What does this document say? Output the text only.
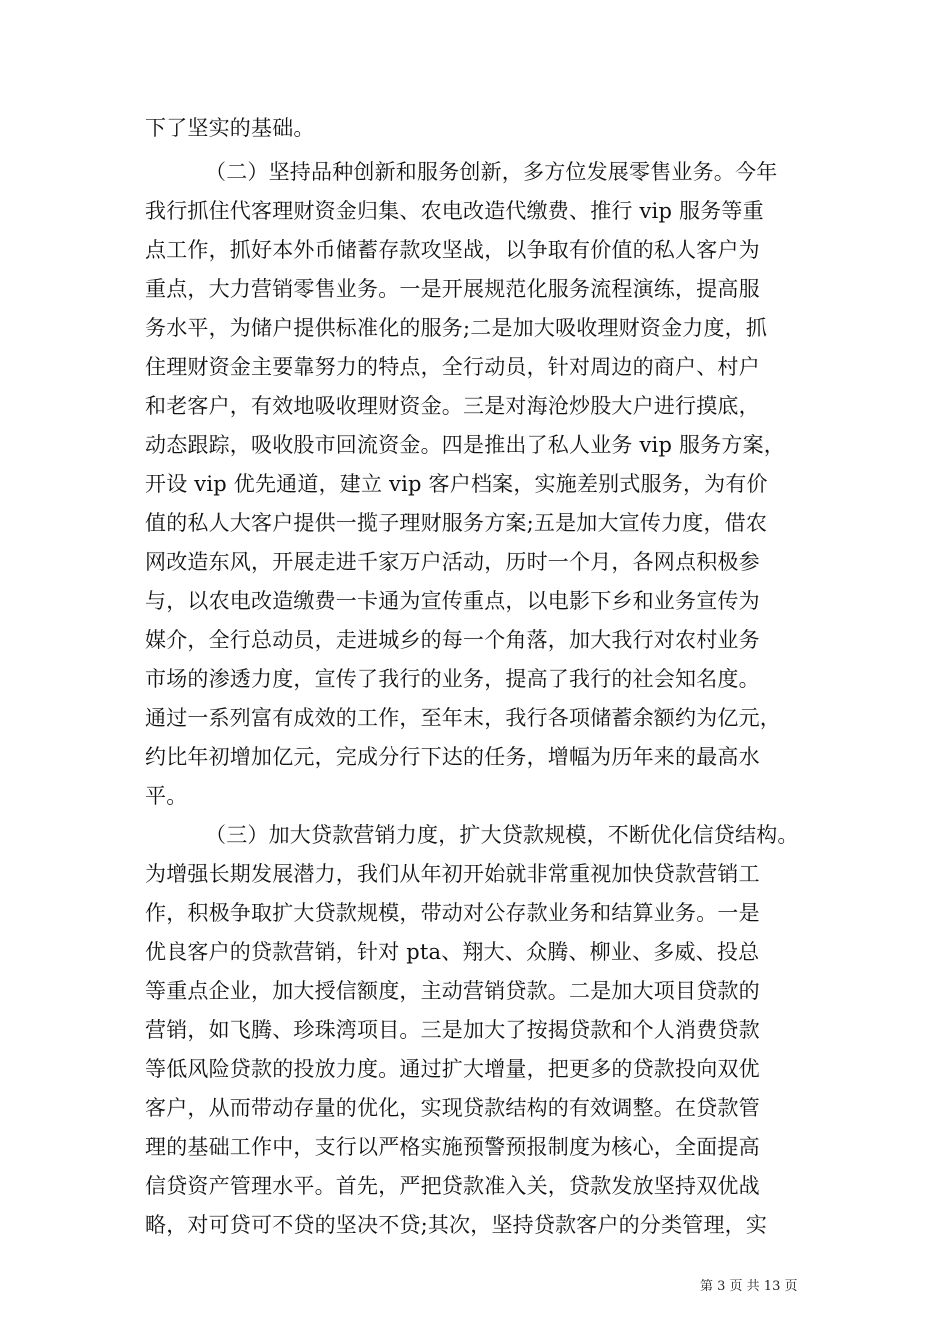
下了坚实的基础。
（二）坚持品种创新和服务创新，多方位发展零售业务。今年
我行抓住代客理财资金归集、农电改造代缴费、推行 vip 服务等重
点工作，抓好本外币储蓄存款攻坚战，以争取有价值的私人客户为
重点，大力营销零售业务。一是开展规范化服务流程演练，提高服
务水平，为储户提供标准化的服务;二是加大吸收理财资金力度，抓
住理财资金主要靠努力的特点，全行动员，针对周边的商户、村户
和老客户，有效地吸收理财资金。三是对海沧炒股大户进行摸底，
动态跟踪，吸收股市回流资金。四是推出了私人业务 vip 服务方案，
开设 vip 优先通道，建立 vip 客户档案，实施差别式服务，为有价
值的私人大客户提供一揽子理财服务方案;五是加大宣传力度，借农
网改造东风，开展走进千家万户活动，历时一个月，各网点积极参
与，以农电改造缴费一卡通为宣传重点，以电影下乡和业务宣传为
媒介，全行总动员，走进城乡的每一个角落，加大我行对农村业务
市场的渗透力度，宣传了我行的业务，提高了我行的社会知名度。
通过一系列富有成效的工作，至年末，我行各项储蓄余额约为亿元，
约比年初增加亿元，完成分行下达的任务，增幅为历年来的最高水
平。
（三）加大贷款营销力度，扩大贷款规模，不断优化信贷结构。
为增强长期发展潜力，我们从年初开始就非常重视加快贷款营销工
作，积极争取扩大贷款规模，带动对公存款业务和结算业务。一是
优良客户的贷款营销，针对 pta、翔大、众腾、柳业、多威、投总
等重点企业，加大授信额度，主动营销贷款。二是加大项目贷款的
营销，如飞腾、珍珠湾项目。三是加大了按揭贷款和个人消费贷款
等低风险贷款的投放力度。通过扩大增量，把更多的贷款投向双优
客户，从而带动存量的优化，实现贷款结构的有效调整。在贷款管
理的基础工作中，支行以严格实施预警预报制度为核心，全面提高
信贷资产管理水平。首先，严把贷款准入关，贷款发放坚持双优战
略，对可贷可不贷的坚决不贷;其次，坚持贷款客户的分类管理，实
第 3 页 共 13 页
